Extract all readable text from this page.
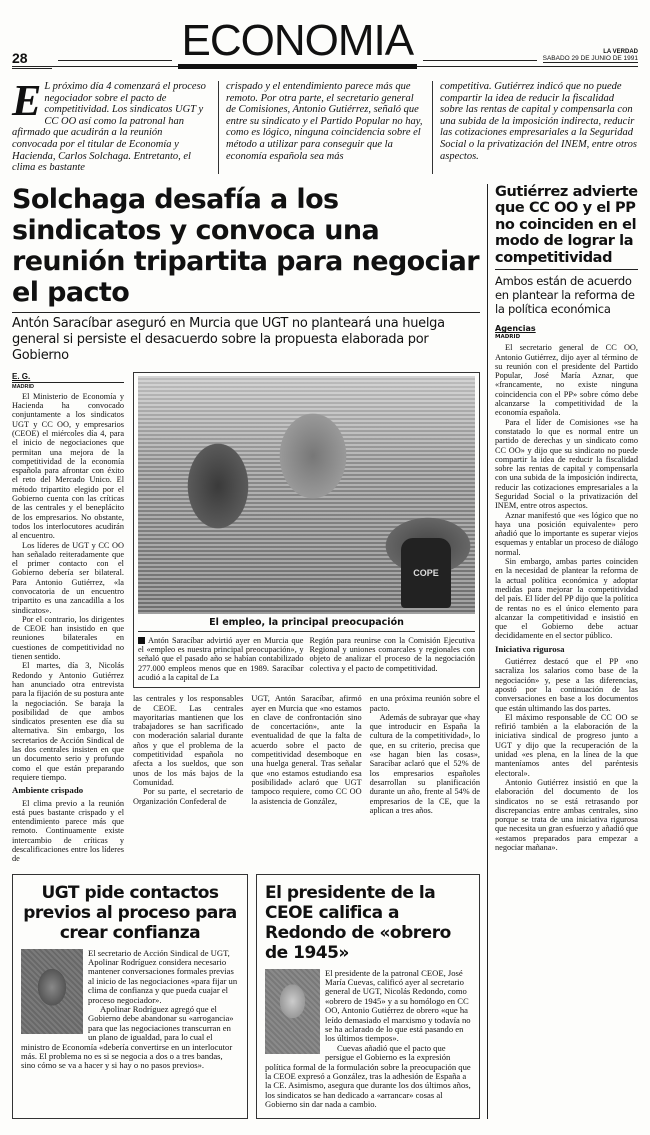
28	ECONOMIA	LA VERDAD
SABADO 29 DE JUNIO DE 1991
E L próximo día 4 comenzará el proceso negociador sobre el pacto de competitividad. Los sindicatos UGT y CC OO así como la patronal han afirmado que acudirán a la reunión convocada por el titular de Economía y Hacienda, Carlos Solchaga. Entretanto, el clima es bastante
crispado y el entendimiento parece más que remoto. Por otra parte, el secretario general de Comisiones, Antonio Gutiérrez, señaló que entre su sindicato y el Partido Popular no hay, como es lógico, ninguna coincidencia sobre el método a utilizar para conseguir que la economía española sea más
competitiva. Gutiérrez indicó que no puede compartir la idea de reducir la fiscalidad sobre las rentas de capital y compensarla con una subida de la imposición indirecta, reducir las cotizaciones empresariales a la Seguridad Social o la privatización del INEM, entre otros aspectos.
Solchaga desafía a los sindicatos y convoca una reunión tripartita para negociar el pacto
Antón Saracíbar aseguró en Murcia que UGT no planteará una huelga general si persiste el desacuerdo sobre la propuesta elaborada por Gobierno
E. G.
MADRID

El Ministerio de Economía y Hacienda ha convocado conjuntamente a los sindicatos UGT y CC OO, y empresarios (CEOE) el miércoles día 4, para el inicio de negociaciones que permitan una mejora de la competitividad de la economía española para afrontar con éxito el reto del Mercado Unico. El método tripartito elegido por el Gobierno cuenta con las críticas de las centrales y el beneplácito de los empresarios. No obstante, todos los interlocutores acudirán al encuentro.

Los líderes de UGT y CC OO han señalado reiteradamente que el primer contacto con el Gobierno debería ser bilateral. Para Antonio Gutiérrez, «la convocatoria de un encuentro tripartito es una zancadilla a los sindicatos».

Por el contrario, los dirigentes de CEOE han insistido en que reuniones bilaterales en cuestiones de competitividad no tienen sentido.

El martes, día 3, Nicolás Redondo y Antonio Gutiérrez han anunciado otra entrevista para la fijación de su postura ante la negociación. Se baraja la posibilidad de que ambos sindicatos presenten ese día su alternativa. Sin embargo, los secretarios de Acción Sindical de las dos centrales insisten en que un documento serio y profundo como el que están preparando requiere tiempo.

Ambiente crispado

El clima previo a la reunión está pues bastante crispado y el entendimiento parece más que remoto. Continuamente existe intercambio de críticas y descalificaciones entre los líderes de

COPE
El empleo, la principal preocupación
Antón Saracíbar advirtió ayer en Murcia que el «empleo es nuestra principal preocupación», y señaló que el pasado año se habían contabilizado 277.000 empleos menos que en 1989. Saracíbar acudió a la capital de La
Región para reunirse con la Comisión Ejecutiva Regional y uniones comarcales y regionales con objeto de analizar el proceso de la negociación colectiva y el pacto de competitividad.

las centrales y los responsables de CEOE. Las centrales mayoritarias mantienen que los trabajadores se han sacrificado con moderación salarial durante años y que el problema de la competitividad española no afecta a los sueldos, que son unos de los más bajos de la Comunidad.

Por su parte, el secretario de Organización Confederal de

UGT, Antón Saracíbar, afirmó ayer en Murcia que «no estamos en clave de confrontación sino de concertación», ante la eventualidad de que la falta de acuerdo sobre el pacto de competitividad desemboque en una huelga general. Tras señalar que «no estamos estudiando esa posibilidad» aclaró que UGT tampoco requiere, como CC OO la asistencia de González,

en una próxima reunión sobre el pacto.

Además de subrayar que «hay que introducir en España la cultura de la competitividad», lo que, en su criterio, precisa que «se hagan bien las cosas», Saracíbar aclaró que el 52% de los empresarios españoles desarrollan su planificación durante un año, frente al 54% de empresarios de la CE, que la aplican a tres años.

UGT pide contactos previos al proceso para crear confianza

El secretario de Acción Sindical de UGT, Apolinar Rodríguez considera necesario mantener conversaciones formales previas al inicio de las negociaciones «para fijar un clima de confianza y que pueda cuajar el proceso negociador».

Apolinar Rodríguez agregó que el Gobierno debe abandonar su «arrogancia» para que las negociaciones transcurran en un plano de igualdad, para lo cual el ministro de Economía «debería convertirse en un interlocutor más. El problema no es si se negocia a dos o a tres bandas, sino cómo se va a hacer y si hay o no pasos previos».

El presidente de la CEOE califica a Redondo de «obrero de 1945»

El presidente de la patronal CEOE, José María Cuevas, calificó ayer al secretario general de UGT, Nicolás Redondo, como «obrero de 1945» y a su homólogo en CC OO, Antonio Gutiérrez de obrero «que ha leído demasiado el marxismo y todavía no se ha aclarado de lo que está pasando en los últimos tiempos».

Cuevas añadió que el pacto que persigue el Gobierno es la expresión política formal de la formulación sobre la preocupación que la CEOE expresó a González, tras la adhesión de España a la CE. Asimismo, asegura que durante los dos últimos años, los sindicatos se han dedicado a «arrancar» cosas al Gobierno sin dar nada a cambio.

Gutiérrez advierte que CC OO y el PP no coinciden en el modo de lograr la competitividad
Ambos están de acuerdo en plantear la reforma de la política económica
Agencias
MADRID

El secretario general de CC OO, Antonio Gutiérrez, dijo ayer al término de su reunión con el presidente del Partido Popular, José María Aznar, que «francamente, no existe ninguna coincidencia con el PP» sobre cómo debe alcanzarse la competitividad de la economía española.

Para el líder de Comisiones «se ha constatado lo que es normal entre un partido de derechas y un sindicato como CC OO» y dijo que su sindicato no puede compartir la idea de reducir la fiscalidad sobre las rentas de capital y compensarla con una subida de la imposición indirecta, reducir las cotizaciones empresariales a la Seguridad Social o la privatización del INEM, entre otros aspectos.

Aznar manifestó que «es lógico que no haya una posición equivalente» pero añadió que lo importante es superar viejos esquemas y entablar un proceso de diálogo normal.

Sin embargo, ambas partes coinciden en la necesidad de plantear la reforma de la actual política económica y adoptar medidas para mejorar la competitividad del país. El líder del PP dijo que la política de rentas no es el único elemento para alcanzar la competitividad e insistió en que el Gobierno debe actuar decididamente en el sector público.

Iniciativa rigurosa

Gutiérrez destacó que el PP «no sacraliza los salarios como base de la negociación» y, pese a las diferencias, apostó por la continuación de las conversaciones en base a los documentos que están ultimando las dos partes.

El máximo responsable de CC OO se refirió también a la elaboración de la iniciativa sindical de progreso junto a UGT y dijo que la recuperación de la unidad «es plena, en la línea de la que manteníamos antes del paréntesis electoral».

Antonio Gutiérrez insistió en que la elaboración del documento de los sindicatos no se está retrasando por discrepancias entre ambas centrales, sino porque se trata de una iniciativa rigurosa que necesita un gran esfuerzo y añadió que «estamos preparados para empezar a negociar mañana».
